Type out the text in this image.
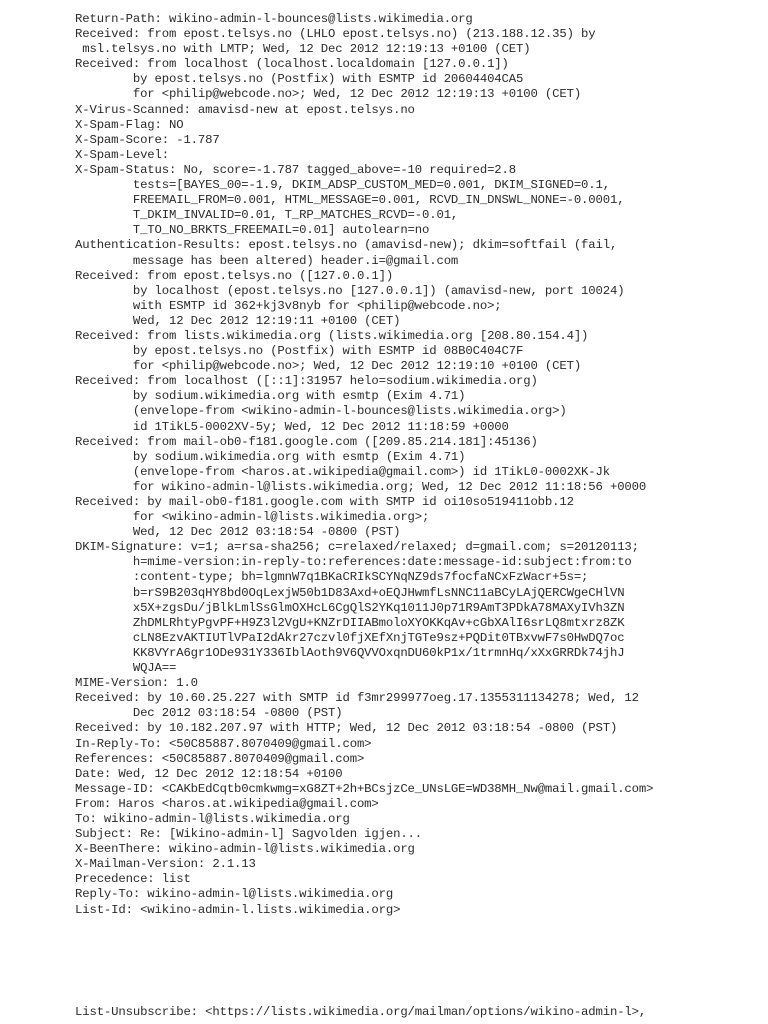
Return-Path: wikino-admin-l-bounces@lists.wikimedia.org
Received: from epost.telsys.no (LHLO epost.telsys.no) (213.188.12.35) by
msl.telsys.no with LMTP; Wed, 12 Dec 2012 12:19:13 +0100 (CET)
Received: from localhost (localhost.localdomain [127.0.0.1])
by epost.telsys.no (Postfix) with ESMTP id 20604404CA5
for <philip@webcode.no>; Wed, 12 Dec 2012 12:19:13 +0100 (CET)
X-Virus-Scanned: amavisd-new at epost.telsys.no
X-Spam-Flag: NO
X-Spam-Score: -1.787
X-Spam-Level:
X-Spam-Status: No, score=-1.787 tagged_above=-10 required=2.8
tests=[BAYES_00=-1.9, DKIM_ADSP_CUSTOM_MED=0.001, DKIM_SIGNED=0.1,
FREEMAIL_FROM=0.001, HTML_MESSAGE=0.001, RCVD_IN_DNSWL_NONE=-0.0001,
T_DKIM_INVALID=0.01, T_RP_MATCHES_RCVD=-0.01,
T_TO_NO_BRKTS_FREEMAIL=0.01] autolearn=no
Authentication-Results: epost.telsys.no (amavisd-new); dkim=softfail (fail,
message has been altered) header.i=@gmail.com
Received: from epost.telsys.no ([127.0.0.1])
by localhost (epost.telsys.no [127.0.0.1]) (amavisd-new, port 10024)
with ESMTP id 362+kj3v8nyb for <philip@webcode.no>;
Wed, 12 Dec 2012 12:19:11 +0100 (CET)
Received: from lists.wikimedia.org (lists.wikimedia.org [208.80.154.4])
by epost.telsys.no (Postfix) with ESMTP id 08B0C404C7F
for <philip@webcode.no>; Wed, 12 Dec 2012 12:19:10 +0100 (CET)
Received: from localhost ([::1]:31957 helo=sodium.wikimedia.org)
by sodium.wikimedia.org with esmtp (Exim 4.71)
(envelope-from <wikino-admin-l-bounces@lists.wikimedia.org>)
id 1TikL5-0002XV-5y; Wed, 12 Dec 2012 11:18:59 +0000
Received: from mail-ob0-f181.google.com ([209.85.214.181]:45136)
by sodium.wikimedia.org with esmtp (Exim 4.71)
(envelope-from <haros.at.wikipedia@gmail.com>) id 1TikL0-0002XK-Jk
for wikino-admin-l@lists.wikimedia.org; Wed, 12 Dec 2012 11:18:56 +0000
Received: by mail-ob0-f181.google.com with SMTP id oi10so519411obb.12
for <wikino-admin-l@lists.wikimedia.org>;
Wed, 12 Dec 2012 03:18:54 -0800 (PST)
DKIM-Signature: v=1; a=rsa-sha256; c=relaxed/relaxed; d=gmail.com; s=20120113;
h=mime-version:in-reply-to:references:date:message-id:subject:from:to
:content-type; bh=lgmnW7q1BKaCRIkSCYNqNZ9ds7focfaNCxFzWacr+5s=;
b=rS9B203qHY8bd0OqLexjW50b1D83Axd+oEQJHwmfLsNNC11aBCyLAjQERCWgeCHlVN
x5X+zgsDu/jBlkLmlSsGlmOXHcL6CgQlS2YKq1011J0p71R9AmT3PDkA78MAXyIVh3ZN
ZhDMLRhtyPgvPF+H9Z3l2VgU+KNZrDIIABmoloXYOKKqAv+cGbXAlI6srLQ8mtxrz8ZK
cLN8EzvAKTIUTlVPaI2dAkr27czvl0fjXEfXnjTGTe9sz+PQDit0TBxvwF7s0HwDQ7oc
KK8VYrA6gr1ODe931Y336IblAoth9V6QVVOxqnDU60kP1x/1trmnHq/xXxGRRDk74jhJ
WQJA==
MIME-Version: 1.0
Received: by 10.60.25.227 with SMTP id f3mr299977oeg.17.1355311134278; Wed, 12
Dec 2012 03:18:54 -0800 (PST)
Received: by 10.182.207.97 with HTTP; Wed, 12 Dec 2012 03:18:54 -0800 (PST)
In-Reply-To: <50C85887.8070409@gmail.com>
References: <50C85887.8070409@gmail.com>
Date: Wed, 12 Dec 2012 12:18:54 +0100
Message-ID: <CAKbEdCqtb0cmkwmg=xG8ZT+2h+BCsjzCe_UNsLGE=WD38MH_Nw@mail.gmail.com>
From: Haros <haros.at.wikipedia@gmail.com>
To: wikino-admin-l@lists.wikimedia.org
Subject: Re: [Wikino-admin-l] Sagvolden igjen...
X-BeenThere: wikino-admin-l@lists.wikimedia.org
X-Mailman-Version: 2.1.13
Precedence: list
Reply-To: wikino-admin-l@lists.wikimedia.org
List-Id: <wikino-admin-l.lists.wikimedia.org>
List-Unsubscribe: <https://lists.wikimedia.org/mailman/options/wikino-admin-l>,
